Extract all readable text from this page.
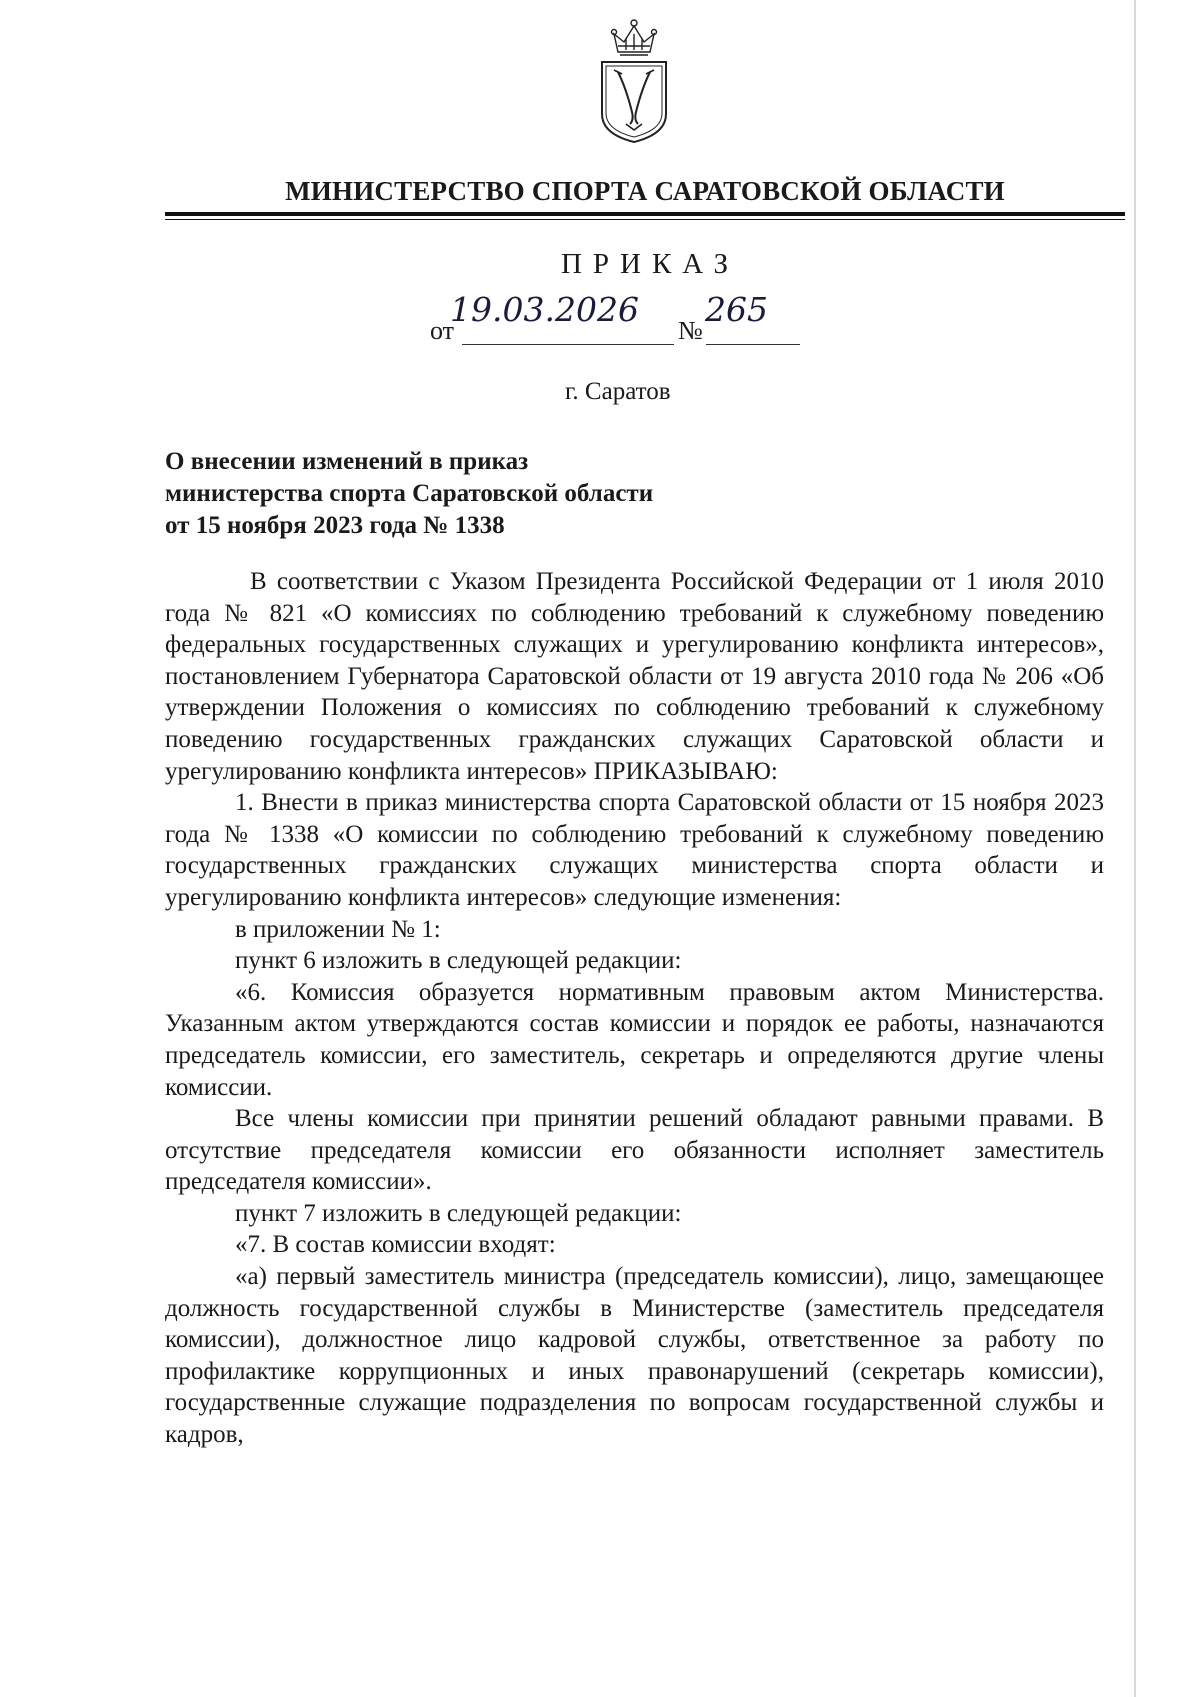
МИНИСТЕРСТВО СПОРТА САРАТОВСКОЙ ОБЛАСТИ
ПРИКАЗ
от
19.03.2026
№
265
г. Саратов
О внесении изменений в приказ
министерства спорта Саратовской области
от 15 ноября 2023 года № 1338

В соответствии с Указом Президента Российской Федерации от 1 июля 2010 года № 821 «О комиссиях по соблюдению требований к служебному поведению федеральных государственных служащих и урегулированию конфликта интересов», постановлением Губернатора Саратовской области от 19 августа 2010 года № 206 «Об утверждении Положения о комиссиях по соблюдению требований к служебному поведению государственных гражданских служащих Саратовской области и урегулированию конфликта интересов» ПРИКАЗЫВАЮ:

1. Внести в приказ министерства спорта Саратовской области от 15 ноября 2023 года № 1338 «О комиссии по соблюдению требований к служебному поведению государственных гражданских служащих министерства спорта области и урегулированию конфликта интересов» следующие изменения:

в приложении № 1:

пункт 6 изложить в следующей редакции:

«6. Комиссия образуется нормативным правовым актом Министерства. Указанным актом утверждаются состав комиссии и порядок ее работы, назначаются председатель комиссии, его заместитель, секретарь и определяются другие члены комиссии.

Все члены комиссии при принятии решений обладают равными правами. В отсутствие председателя комиссии его обязанности исполняет заместитель председателя комиссии».

пункт 7 изложить в следующей редакции:

«7. В состав комиссии входят:

«а) первый заместитель министра (председатель комиссии), лицо, замещающее должность государственной службы в Министерстве (заместитель председателя комиссии), должностное лицо кадровой службы, ответственное за работу по профилактике коррупционных и иных правонарушений (секретарь комиссии), государственные служащие подразделения по вопросам государственной службы и кадров,
